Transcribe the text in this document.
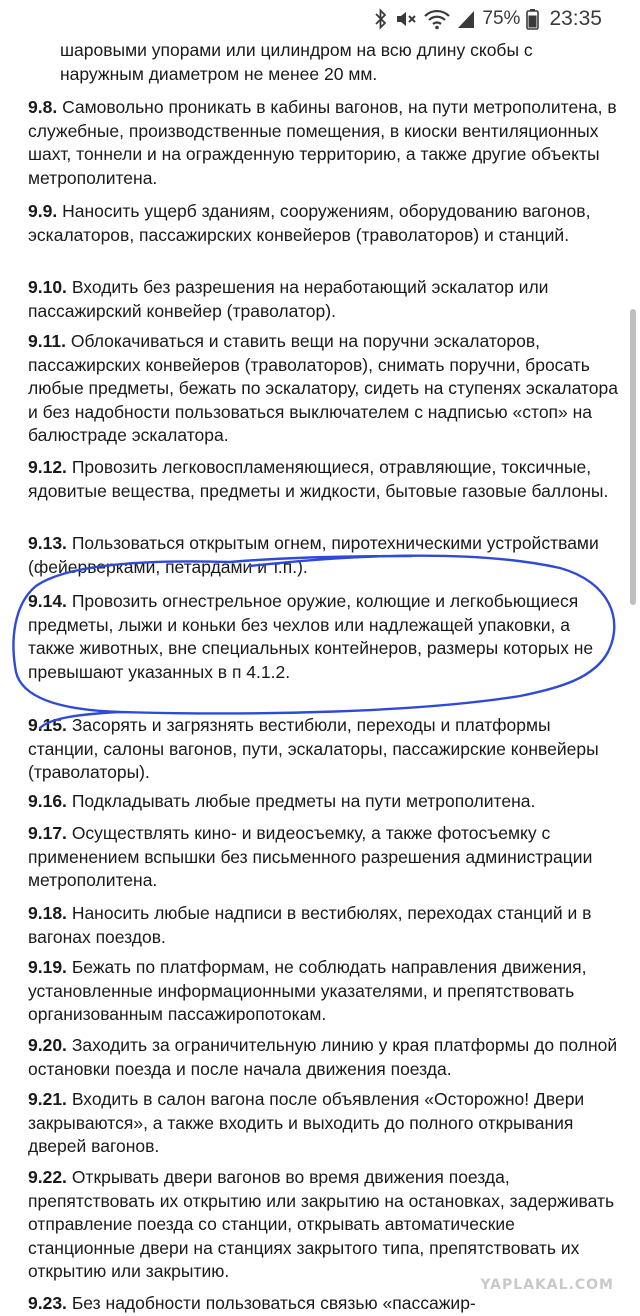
75% 23:35
шаровыми упорами или цилиндром на всю длину скобы с наружным диаметром не менее 20 мм.

9.8. Самовольно проникать в кабины вагонов, на пути метрополитена, в служебные, производственные помещения, в киоски вентиляционных шахт, тоннели и на огражденную территорию, а также другие объекты метрополитена.

9.9. Наносить ущерб зданиям, сооружениям, оборудованию вагонов, эскалаторов, пассажирских конвейеров (траволаторов) и станций.

9.10. Входить без разрешения на неработающий эскалатор или пассажирский конвейер (траволатор).

9.11. Облокачиваться и ставить вещи на поручни эскалаторов, пассажирских конвейеров (траволаторов), снимать поручни, бросать любые предметы, бежать по эскалатору, сидеть на ступенях эскалатора и без надобности пользоваться выключателем с надписью «стоп» на балюстраде эскалатора.

9.12. Провозить легковоспламеняющиеся, отравляющие, токсичные, ядовитые вещества, предметы и жидкости, бытовые газовые баллоны.

9.13. Пользоваться открытым огнем, пиротехническими устройствами (фейерверками, петардами и т.п.).

9.14. Провозить огнестрельное оружие, колющие и легкобьющиеся предметы, лыжи и коньки без чехлов или надлежащей упаковки, а также животных, вне специальных контейнеров, размеры которых не превышают указанных в п 4.1.2.

9.15. Засорять и загрязнять вестибюли, переходы и платформы станции, салоны вагонов, пути, эскалаторы, пассажирские конвейеры (траволаторы).

9.16. Подкладывать любые предметы на пути метрополитена.

9.17. Осуществлять кино- и видеосъемку, а также фотосъемку с применением вспышки без письменного разрешения администрации метрополитена.

9.18. Наносить любые надписи в вестибюлях, переходах станций и в вагонах поездов.

9.19. Бежать по платформам, не соблюдать направления движения, установленные информационными указателями, и препятствовать организованным пассажиропотокам.

9.20. Заходить за ограничительную линию у края платформы до полной остановки поезда и после начала движения поезда.

9.21. Входить в салон вагона после объявления «Осторожно! Двери закрываются», а также входить и выходить до полного открывания дверей вагонов.

9.22. Открывать двери вагонов во время движения поезда, препятствовать их открытию или закрытию на остановках, задерживать отправление поезда со станции, открывать автоматические станционные двери на станциях закрытого типа, препятствовать их открытию или закрытию.

9.23. Без надобности пользоваться связью «пассажир-

YAPLAKAL.COM
